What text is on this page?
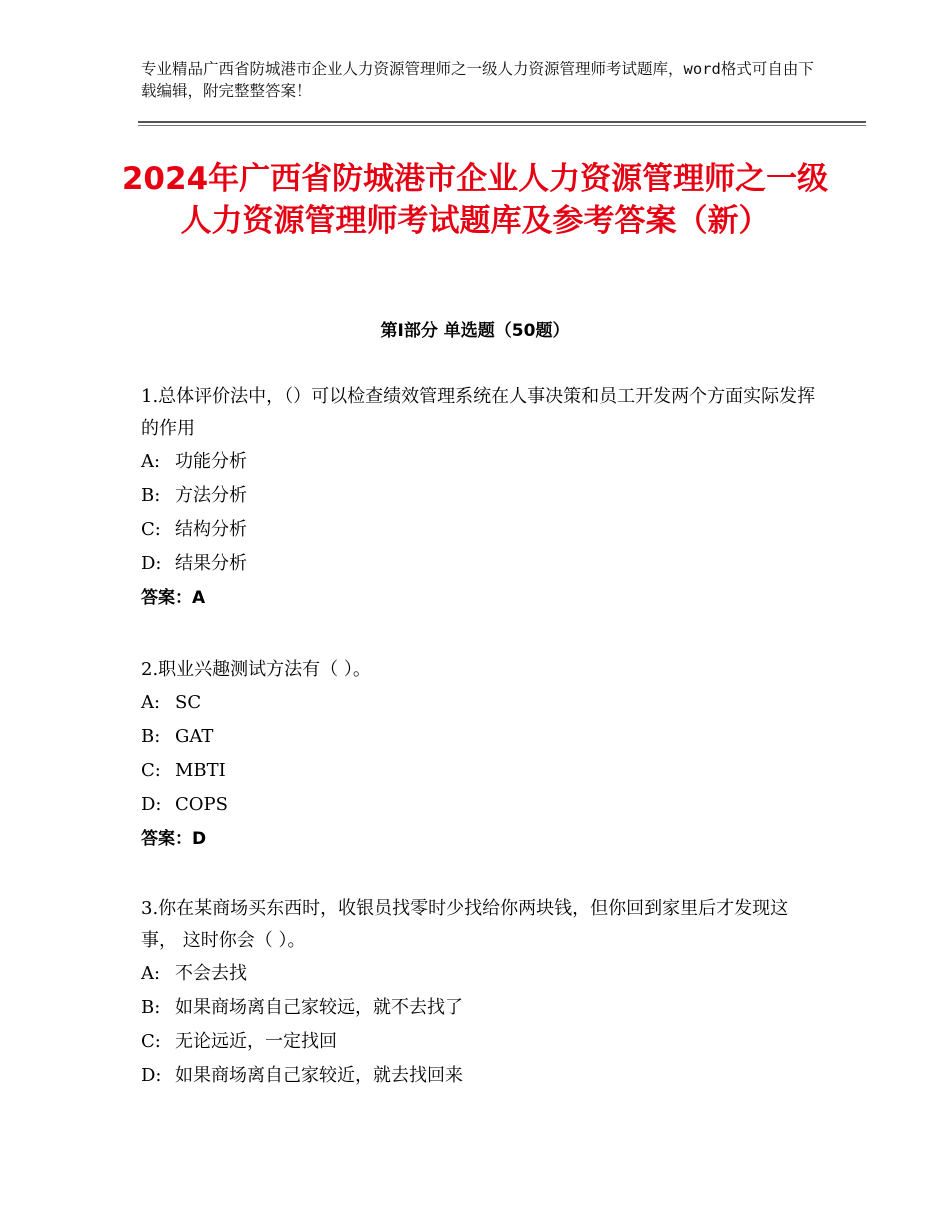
专业精品广西省防城港市企业人力资源管理师之一级人力资源管理师考试题库，word格式可自由下载编辑，附完整整答案！
2024年广西省防城港市企业人力资源管理师之一级人力资源管理师考试题库及参考答案（新）
第Ⅰ部分 单选题（50题）

1.总体评价法中，（）可以检查绩效管理系统在人事决策和员工开发两个方面实际发挥的作用

A: 功能分析
B: 方法分析
C: 结构分析
D: 结果分析
答案：A

2.职业兴趣测试方法有（ ）。

A: SC
B: GAT
C: MBTI
D: COPS
答案：D

3.你在某商场买东西时，收银员找零时少找给你两块钱，但你回到家里后才发现这事， 这时你会（ ）。

A: 不会去找
B: 如果商场离自己家较远，就不去找了
C: 无论远近，一定找回
D: 如果商场离自己家较近，就去找回来
